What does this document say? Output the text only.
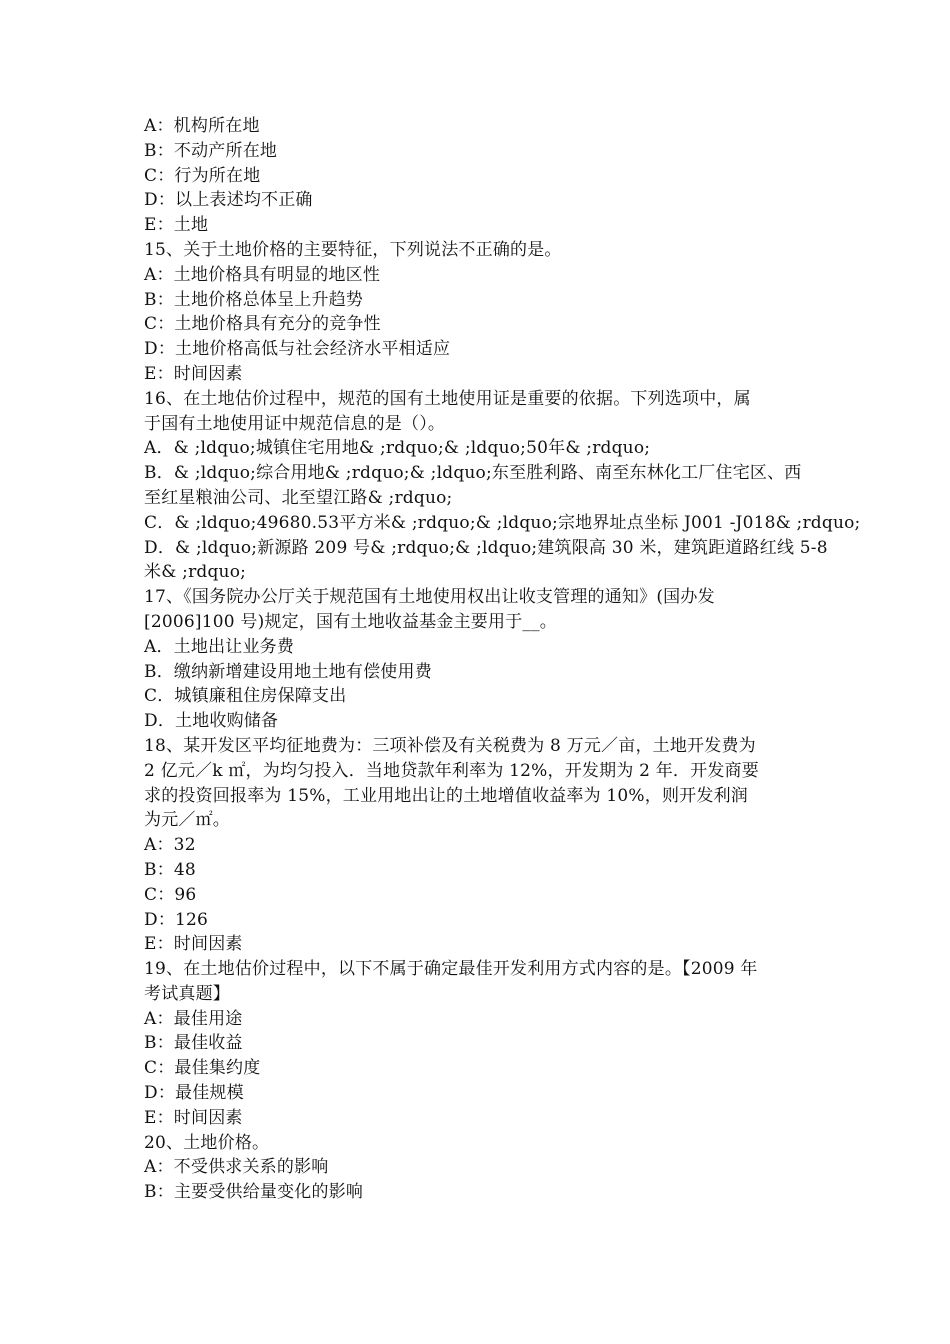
A：机构所在地
B：不动产所在地
C：行为所在地
D：以上表述均不正确
E：土地
15、关于土地价格的主要特征，下列说法不正确的是。
A：土地价格具有明显的地区性
B：土地价格总体呈上升趋势
C：土地价格具有充分的竞争性
D：土地价格高低与社会经济水平相适应
E：时间因素
16、在土地估价过程中，规范的国有土地使用证是重要的依据。下列选项中，属
于国有土地使用证中规范信息的是（）。
A．& ;ldquo;城镇住宅用地& ;rdquo;& ;ldquo;50年& ;rdquo;
B．& ;ldquo;综合用地& ;rdquo;& ;ldquo;东至胜利路、南至东林化工厂住宅区、西
至红星粮油公司、北至望江路& ;rdquo;
C．& ;ldquo;49680.53平方米& ;rdquo;& ;ldquo;宗地界址点坐标 J001 -J018& ;rdquo;
D．& ;ldquo;新源路 209 号& ;rdquo;& ;ldquo;建筑限高 30 米，建筑距道路红线 5-8
米& ;rdquo;
17、《国务院办公厅关于规范国有土地使用权出让收支管理的通知》(国办发
[2006]100 号)规定，国有土地收益基金主要用于__。
A．土地出让业务费
B．缴纳新增建设用地土地有偿使用费
C．城镇廉租住房保障支出
D．土地收购储备
18、某开发区平均征地费为：三项补偿及有关税费为 8 万元／亩，土地开发费为
2 亿元／k ㎡，为均匀投入．当地贷款年利率为 12%，开发期为 2 年．开发商要
求的投资回报率为 15%，工业用地出让的土地增值收益率为 10%，则开发利润
为元／㎡。
A：32
B：48
C：96
D：126
E：时间因素
19、在土地估价过程中，以下不属于确定最佳开发利用方式内容的是。【2009 年
考试真题】
A：最佳用途
B：最佳收益
C：最佳集约度
D：最佳规模
E：时间因素
20、土地价格。
A：不受供求关系的影响
B：主要受供给量变化的影响
